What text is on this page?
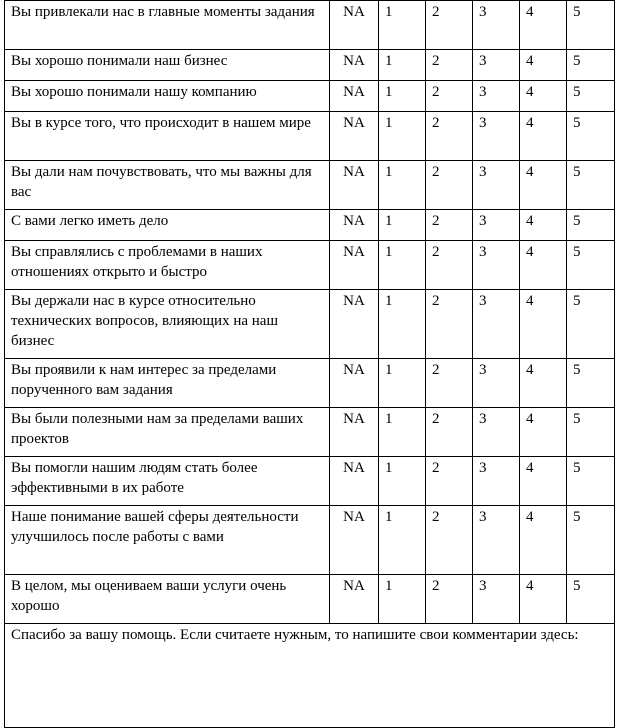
Вы привлекали нас в главные моменты задания	NA	1	2	3	4	5
Вы хорошо понимали наш бизнес	NA	1	2	3	4	5
Вы хорошо понимали нашу компанию	NA	1	2	3	4	5
Вы в курсе того, что происходит в нашем мире	NA	1	2	3	4	5
Вы дали нам почувствовать, что мы важны для вас	NA	1	2	3	4	5
С вами легко иметь дело	NA	1	2	3	4	5
Вы справлялись с проблемами в наших отношениях открыто и быстро	NA	1	2	3	4	5
Вы держали нас в курсе относительно технических вопросов, влияющих на наш бизнес	NA	1	2	3	4	5
Вы проявили к нам интерес за пределами порученного вам задания	NA	1	2	3	4	5
Вы были полезными нам за пределами ваших проектов	NA	1	2	3	4	5
Вы помогли нашим людям стать более эффективными в их работе	NA	1	2	3	4	5
Наше понимание вашей сферы деятельности улучшилось после работы с вами	NA	1	2	3	4	5
В целом, мы оцениваем ваши услуги очень хорошо	NA	1	2	3	4	5
Спасибо за вашу помощь. Если считаете нужным, то напишите свои комментарии здесь:						
